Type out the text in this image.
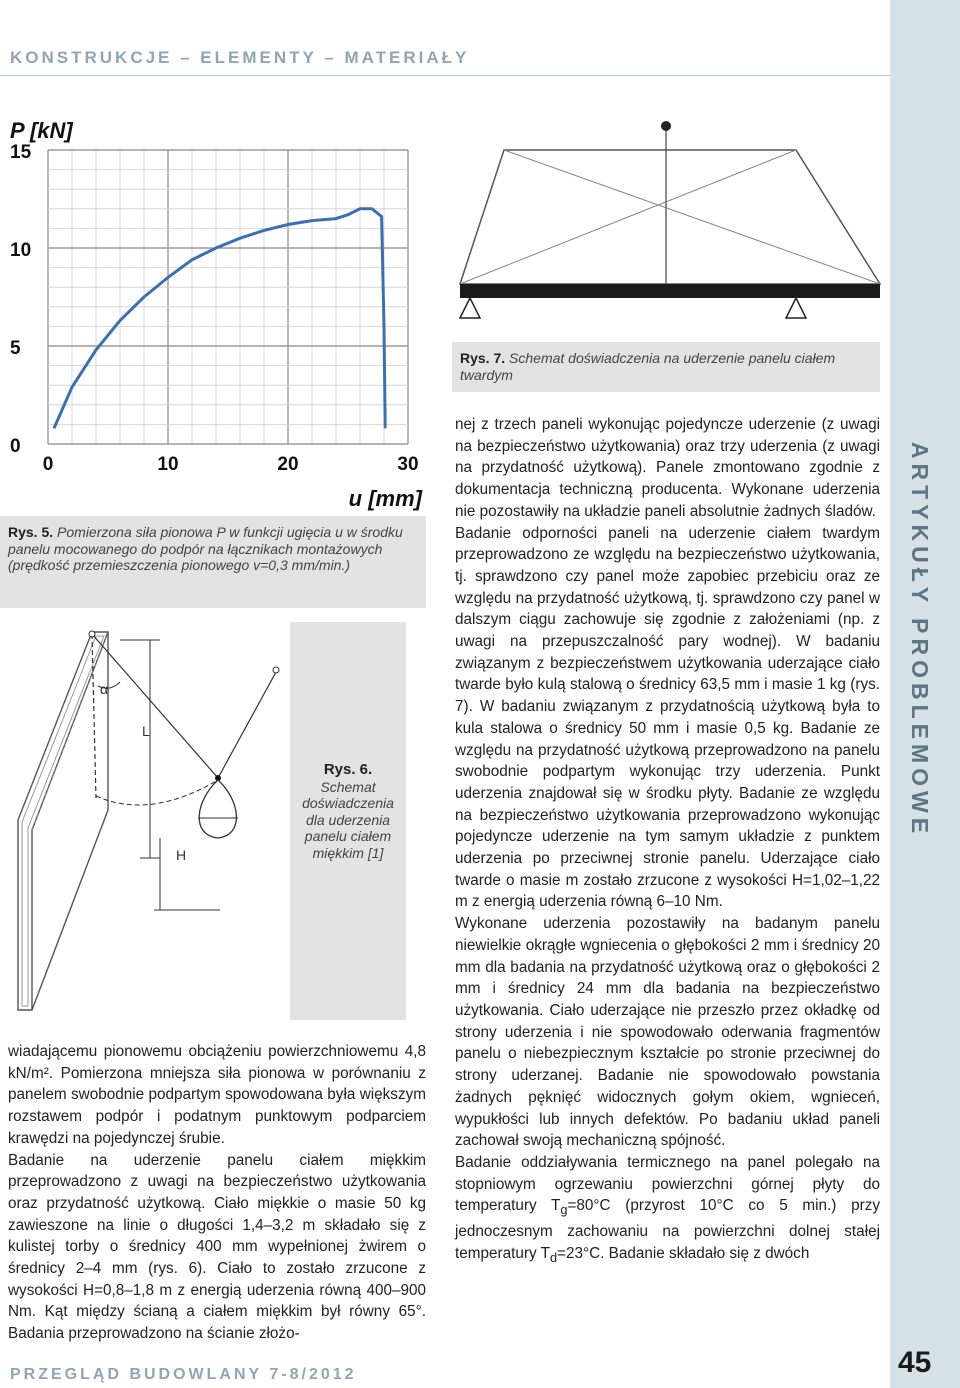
KONSTRUKCJE – ELEMENTY – MATERIAŁY
ARTYKUŁY PROBLEMOWE
P [kN]
0
5
10
15
0	10	20	30
u [mm]
Rys. 5. Pomierzona siła pionowa P w funkcji ugięcia u w środku panelu mocowanego do podpór na łącznikach montażowych (prędkość przemieszczenia pionowego v=0,3 mm/min.)
Rys. 7. Schemat doświadczenia na uderzenie panelu ciałem twardym
α
L
H
Rys. 6.
Schemat doświadczenia dla uderzenia panelu ciałem miękkim [1]

wiadającemu pionowemu obciążeniu powierzchniowemu 4,8 kN/m². Pomierzona mniejsza siła pionowa w porównaniu z panelem swobodnie podpartym spowodowana była większym rozstawem podpór i podatnym punktowym podparciem krawędzi na pojedynczej śrubie.

Badanie na uderzenie panelu ciałem miękkim przeprowadzono z uwagi na bezpieczeństwo użytkowania oraz przydatność użytkową. Ciało miękkie o masie 50 kg zawieszone na linie o długości 1,4–3,2 m składało się z kulistej torby o średnicy 400 mm wypełnionej żwirem o średnicy 2–4 mm (rys. 6). Ciało to zostało zrzucone z wysokości H=0,8–1,8 m z energią uderzenia równą 400–900 Nm. Kąt między ścianą a ciałem miękkim był równy 65°. Badania przeprowadzono na ścianie złożo-

nej z trzech paneli wykonując pojedyncze uderzenie (z uwagi na bezpieczeństwo użytkowania) oraz trzy uderzenia (z uwagi na przydatność użytkową). Panele zmontowano zgodnie z dokumentacja techniczną producenta. Wykonane uderzenia nie pozostawiły na układzie paneli absolutnie żadnych śladów.

Badanie odporności paneli na uderzenie ciałem twardym przeprowadzono ze względu na bezpieczeństwo użytkowania, tj. sprawdzono czy panel może zapobiec przebiciu oraz ze względu na przydatność użytkową, tj. sprawdzono czy panel w dalszym ciągu zachowuje się zgodnie z założeniami (np. z uwagi na przepuszczalność pary wodnej). W badaniu związanym z bezpieczeństwem użytkowania uderzające ciało twarde było kulą stalową o średnicy 63,5 mm i masie 1 kg (rys. 7). W badaniu związanym z przydatnością użytkową była to kula stalowa o średnicy 50 mm i masie 0,5 kg. Badanie ze względu na przydatność użytkową przeprowadzono na panelu swobodnie podpartym wykonując trzy uderzenia. Punkt uderzenia znajdował się w środku płyty. Badanie ze względu na bezpieczeństwo użytkowania przeprowadzono wykonując pojedyncze uderzenie na tym samym układzie z punktem uderzenia po przeciwnej stronie panelu. Uderzające ciało twarde o masie m zostało zrzucone z wysokości H=1,02–1,22 m z energią uderzenia równą 6–10 Nm.

Wykonane uderzenia pozostawiły na badanym panelu niewielkie okrągłe wgniecenia o głębokości 2 mm i średnicy 20 mm dla badania na przydatność użytkową oraz o głębokości 2 mm i średnicy 24 mm dla badania na bezpieczeństwo użytkowania. Ciało uderzające nie przeszło przez okładkę od strony uderzenia i nie spowodowało oderwania fragmentów panelu o niebezpiecznym kształcie po stronie przeciwnej do strony uderzanej. Badanie nie spowodowało powstania żadnych pęknięć widocznych gołym okiem, wgnieceń, wypukłości lub innych defektów. Po badaniu układ paneli zachował swoją mechaniczną spójność.

Badanie oddziaływania termicznego na panel polegało na stopniowym ogrzewaniu powierzchni górnej płyty do temperatury $T_g=80^\circ C$ (przyrost 10°C co 5 min.) przy jednoczesnym zachowaniu na powierzchni dolnej stałej temperatury $T_d=23^\circ C$. Badanie składało się z dwóch

PRZEGLĄD BUDOWLANY 7-8/2012	45
